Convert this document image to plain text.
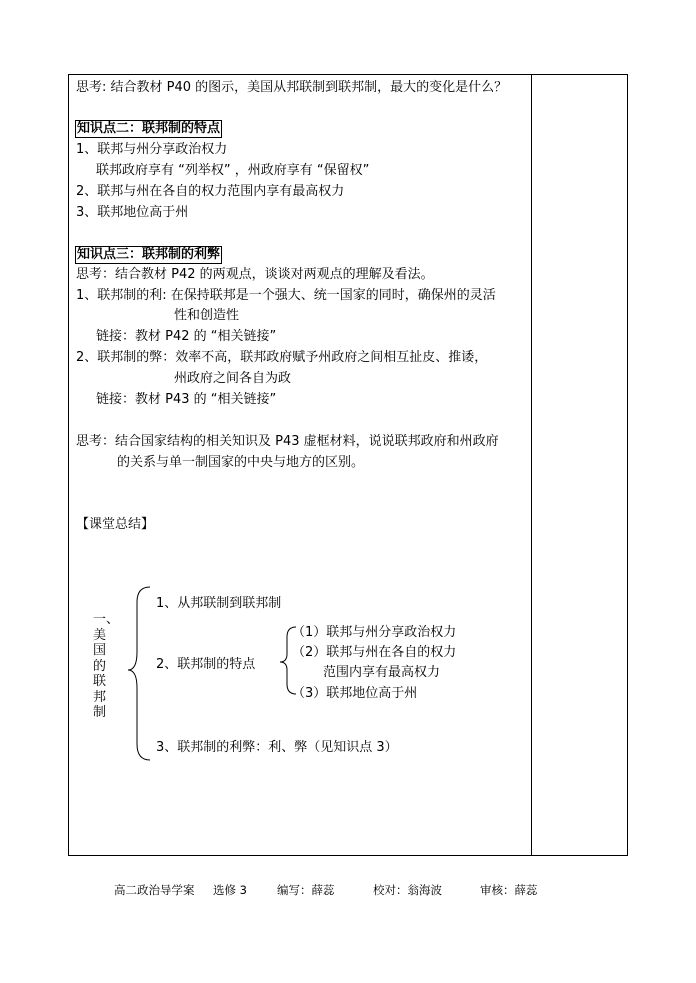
思考: 结合教材 P40 的图示，美国从邦联制到联邦制，最大的变化是什么？
知识点二：联邦制的特点
1、联邦与州分享政治权力
联邦政府享有 “列举权” ，州政府享有 “保留权”
2、联邦与州在各自的权力范围内享有最高权力
3、联邦地位高于州
知识点三：联邦制的利弊
思考：结合教材 P42 的两观点，谈谈对两观点的理解及看法。
1、联邦制的利: 在保持联邦是一个强大、统一国家的同时，确保州的灵活
性和创造性
链接：教材 P42 的 “相关链接”
2、联邦制的弊：效率不高，联邦政府赋予州政府之间相互扯皮、推诿，
州政府之间各自为政
链接：教材 P43 的 “相关链接”
思考：结合国家结构的相关知识及 P43 虚框材料，说说联邦政府和州政府
的关系与单一制国家的中央与地方的区别。
【课堂总结】
一、美国的联邦制
1、从邦联制到联邦制
2、联邦制的特点
（1）联邦与州分享政治权力
（2）联邦与州在各自的权力
范围内享有最高权力
（3）联邦地位高于州
3、联邦制的利弊：利、弊（见知识点 3）
高二政治导学案 选修 3	编写：薛蕊	校对：翁海波	审核：薛蕊
